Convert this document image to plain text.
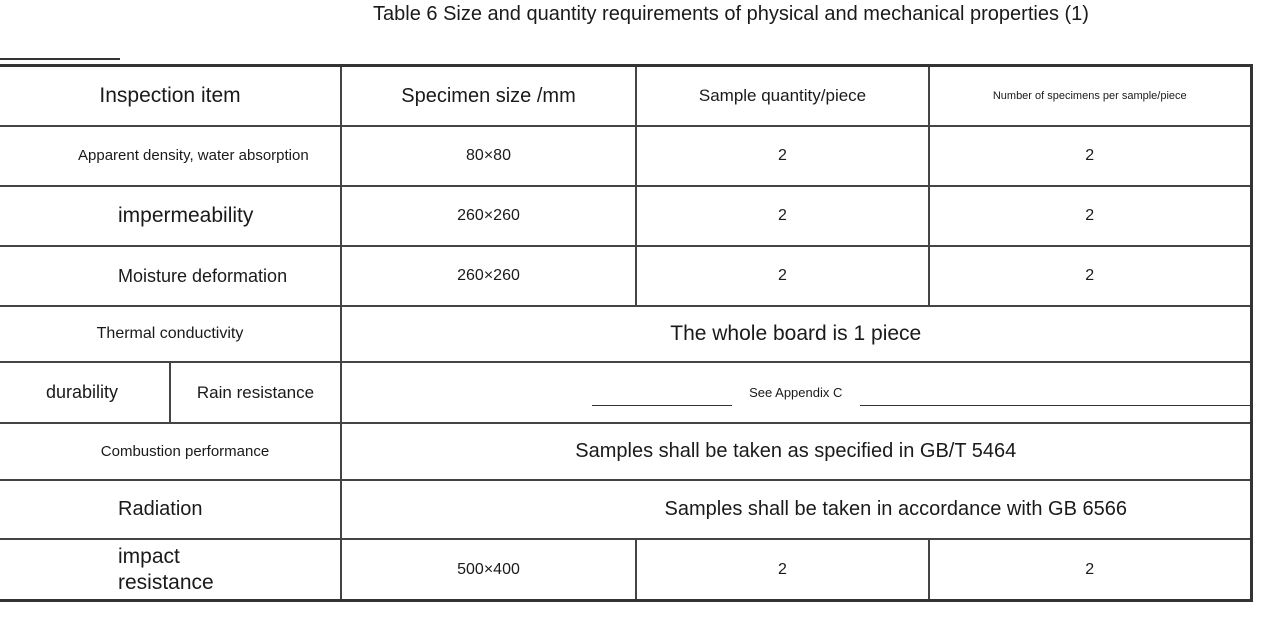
Table 6 Size and quantity requirements of physical and mechanical properties (1)
Inspection item		Specimen size /mm	Sample quantity/piece	Number of specimens per sample/piece
Apparent density, water absorption		80×80	2	2
impermeability		260×260	2	2
Moisture deformation		260×260	2	2
Thermal conductivity		The whole board is 1 piece		
durability	Rain resistance	See Appendix C		

Combustion performance		Samples shall be taken as specified in GB/T 5464		
Radiation		Samples shall be taken in accordance with GB 6566		
impact
resistance		500×400	2	2
